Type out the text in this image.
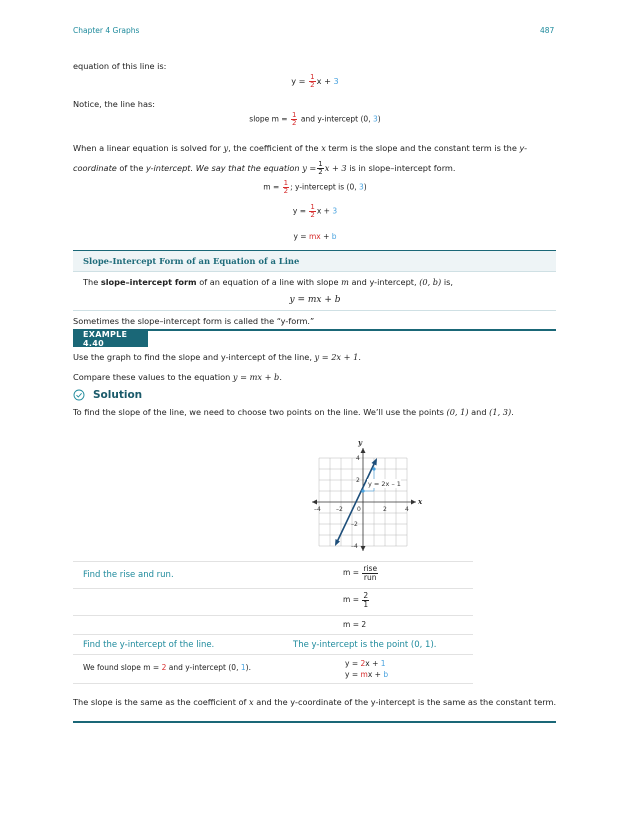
Chapter 4 Graphs	487
equation of this line is:
$y = \frac{1}{2}$ x + 3
Notice, the line has:
slope $m = \frac{1}{2}$ and y-intercept (0, 3)
When a linear equation is solved for y, the coefficient of the x term is the slope and the constant term is the y-coordinate of the y-intercept. We say that the equation $y = \frac{1}{2}$ x + 3 is in slope–intercept form.
$m = \frac{1}{2}$ ; y-intercept is (0, 3)
$y = \frac{1}{2}$ x + 3
y = mx + b
Slope-Intercept Form of an Equation of a Line
The slope–intercept form of an equation of a line with slope m and y-intercept, (0, b) is,
y = mx + b
Sometimes the slope–intercept form is called the “y-form.”
EXAMPLE 4.40
Use the graph to find the slope and y-intercept of the line, y = 2x + 1.
Compare these values to the equation y = mx + b.
Solution
To find the slope of the line, we need to choose two points on the line. We’ll use the points (0, 1) and (1, 3).
y
x
–4	–2 0	2	4
4
2
–2
–4
y = 2x – 1
Find the rise and run.	$m = \frac{\text{rise}}{\text{run}}$
$m = \frac{2}{1}$
m = 2
Find the y-intercept of the line.	The y-intercept is the point (0, 1).
We found slope m = 2 and y-intercept (0, 1).	y = 2x + 1
y = mx + b
The slope is the same as the coefficient of x and the y-coordinate of the y-intercept is the same as the constant term.
